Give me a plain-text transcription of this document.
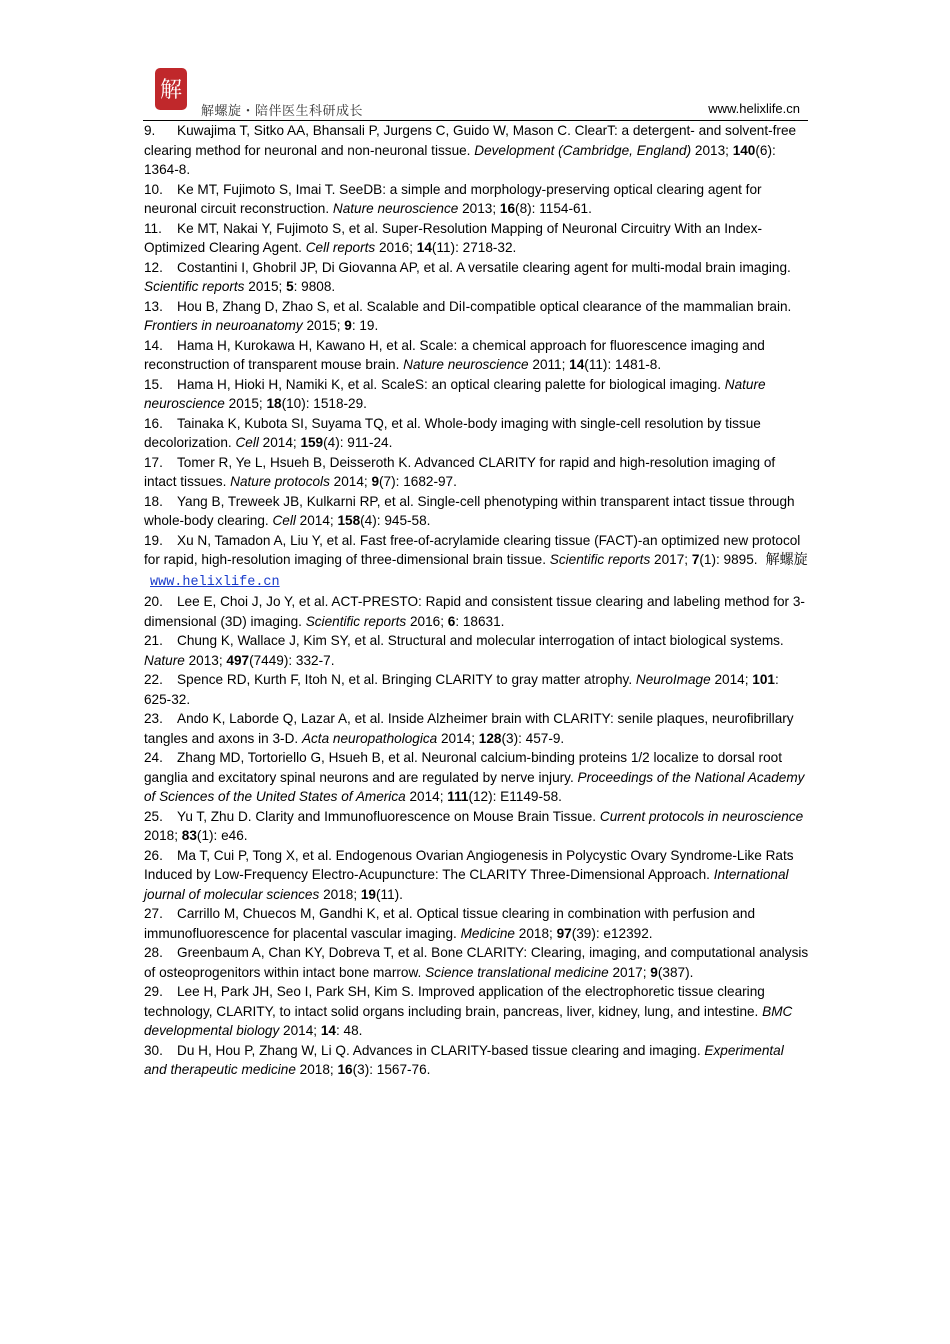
解
解螺旋・陪伴医生科研成长	www.helixlife.cn

9. Kuwajima T, Sitko AA, Bhansali P, Jurgens C, Guido W, Mason C. ClearT: a detergent- and solvent-free clearing method for neuronal and non-neuronal tissue. Development (Cambridge, England) 2013; 140(6): 1364-8.

10. Ke MT, Fujimoto S, Imai T. SeeDB: a simple and morphology-preserving optical clearing agent for neuronal circuit reconstruction. Nature neuroscience 2013; 16(8): 1154-61.

11. Ke MT, Nakai Y, Fujimoto S, et al. Super-Resolution Mapping of Neuronal Circuitry With an Index-Optimized Clearing Agent. Cell reports 2016; 14(11): 2718-32.

12. Costantini I, Ghobril JP, Di Giovanna AP, et al. A versatile clearing agent for multi-modal brain imaging. Scientific reports 2015; 5: 9808.

13. Hou B, Zhang D, Zhao S, et al. Scalable and DiI-compatible optical clearance of the mammalian brain. Frontiers in neuroanatomy 2015; 9: 19.

14. Hama H, Kurokawa H, Kawano H, et al. Scale: a chemical approach for fluorescence imaging and reconstruction of transparent mouse brain. Nature neuroscience 2011; 14(11): 1481-8.

15. Hama H, Hioki H, Namiki K, et al. ScaleS: an optical clearing palette for biological imaging. Nature neuroscience 2015; 18(10): 1518-29.

16. Tainaka K, Kubota SI, Suyama TQ, et al. Whole-body imaging with single-cell resolution by tissue decolorization. Cell 2014; 159(4): 911-24.

17. Tomer R, Ye L, Hsueh B, Deisseroth K. Advanced CLARITY for rapid and high-resolution imaging of intact tissues. Nature protocols 2014; 9(7): 1682-97.

18. Yang B, Treweek JB, Kulkarni RP, et al. Single-cell phenotyping within transparent intact tissue through whole-body clearing. Cell 2014; 158(4): 945-58.

19. Xu N, Tamadon A, Liu Y, et al. Fast free-of-acrylamide clearing tissue (FACT)-an optimized new protocol for rapid, high-resolution imaging of three-dimensional brain tissue. Scientific reports 2017; 7(1): 9895. 解螺旋www.helixlife.cn

20. Lee E, Choi J, Jo Y, et al. ACT-PRESTO: Rapid and consistent tissue clearing and labeling method for 3-dimensional (3D) imaging. Scientific reports 2016; 6: 18631.

21. Chung K, Wallace J, Kim SY, et al. Structural and molecular interrogation of intact biological systems. Nature 2013; 497(7449): 332-7.

22. Spence RD, Kurth F, Itoh N, et al. Bringing CLARITY to gray matter atrophy. NeuroImage 2014; 101: 625-32.

23. Ando K, Laborde Q, Lazar A, et al. Inside Alzheimer brain with CLARITY: senile plaques, neurofibrillary tangles and axons in 3-D. Acta neuropathologica 2014; 128(3): 457-9.

24. Zhang MD, Tortoriello G, Hsueh B, et al. Neuronal calcium-binding proteins 1/2 localize to dorsal root ganglia and excitatory spinal neurons and are regulated by nerve injury. Proceedings of the National Academy of Sciences of the United States of America 2014; 111(12): E1149-58.

25. Yu T, Zhu D. Clarity and Immunofluorescence on Mouse Brain Tissue. Current protocols in neuroscience 2018; 83(1): e46.

26. Ma T, Cui P, Tong X, et al. Endogenous Ovarian Angiogenesis in Polycystic Ovary Syndrome-Like Rats Induced by Low-Frequency Electro-Acupuncture: The CLARITY Three-Dimensional Approach. International journal of molecular sciences 2018; 19(11).

27. Carrillo M, Chuecos M, Gandhi K, et al. Optical tissue clearing in combination with perfusion and immunofluorescence for placental vascular imaging. Medicine 2018; 97(39): e12392.

28. Greenbaum A, Chan KY, Dobreva T, et al. Bone CLARITY: Clearing, imaging, and computational analysis of osteoprogenitors within intact bone marrow. Science translational medicine 2017; 9(387).

29. Lee H, Park JH, Seo I, Park SH, Kim S. Improved application of the electrophoretic tissue clearing technology, CLARITY, to intact solid organs including brain, pancreas, liver, kidney, lung, and intestine. BMC developmental biology 2014; 14: 48.

30. Du H, Hou P, Zhang W, Li Q. Advances in CLARITY-based tissue clearing and imaging. Experimental and therapeutic medicine 2018; 16(3): 1567-76.
